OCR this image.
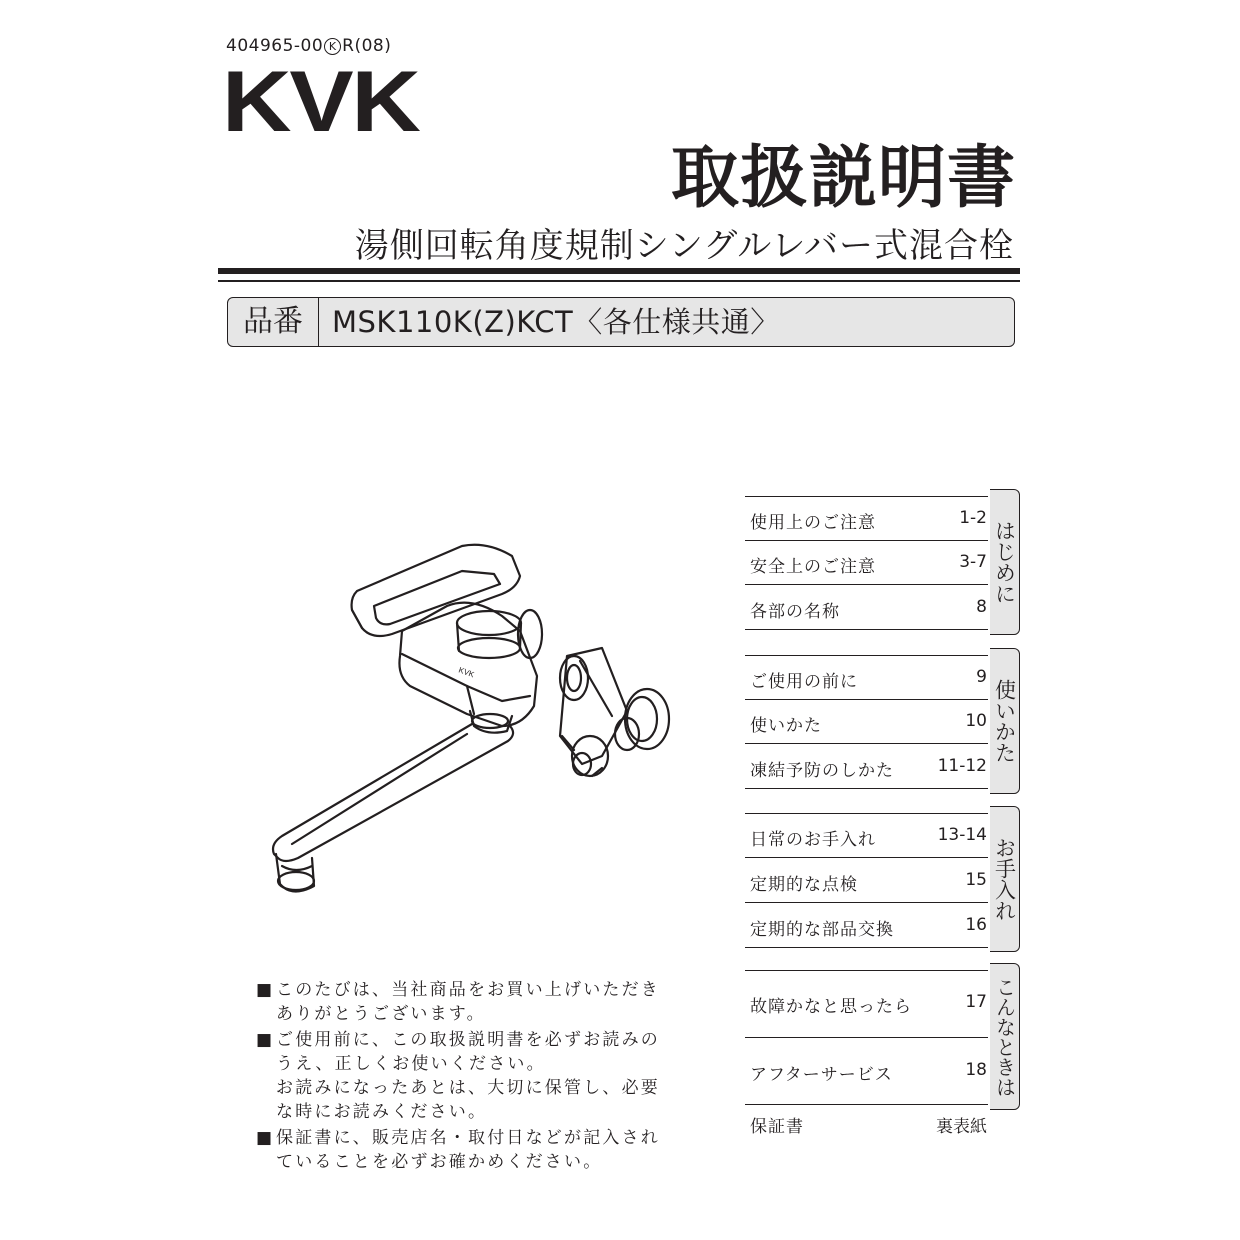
404965-00 K R(08)
KVK
取扱説明書
湯側回転角度規制シングルレバー式混合栓
品番	MSK110K(Z)KCT〈各仕様共通〉
KVK
使用上のご注意	1-2
安全上のご注意	3-7
各部の名称	8
はじめに
ご使用の前に	9
使いかた	10
凍結予防のしかた	11-12
使いかた
日常のお手入れ	13-14
定期的な点検	15
定期的な部品交換	16
お手入れ
故障かなと思ったら	17
アフターサービス	18 こんなときは
保証書	裏表紙
■ このたびは、当社商品をお買い上げいただき
ありがとうございます。
■ ご使用前に、この取扱説明書を必ずお読みの
うえ、正しくお使いください。
お読みになったあとは、大切に保管し、必要
な時にお読みください。
■ 保証書に、販売店名・取付日などが記入され
ていることを必ずお確かめください。
